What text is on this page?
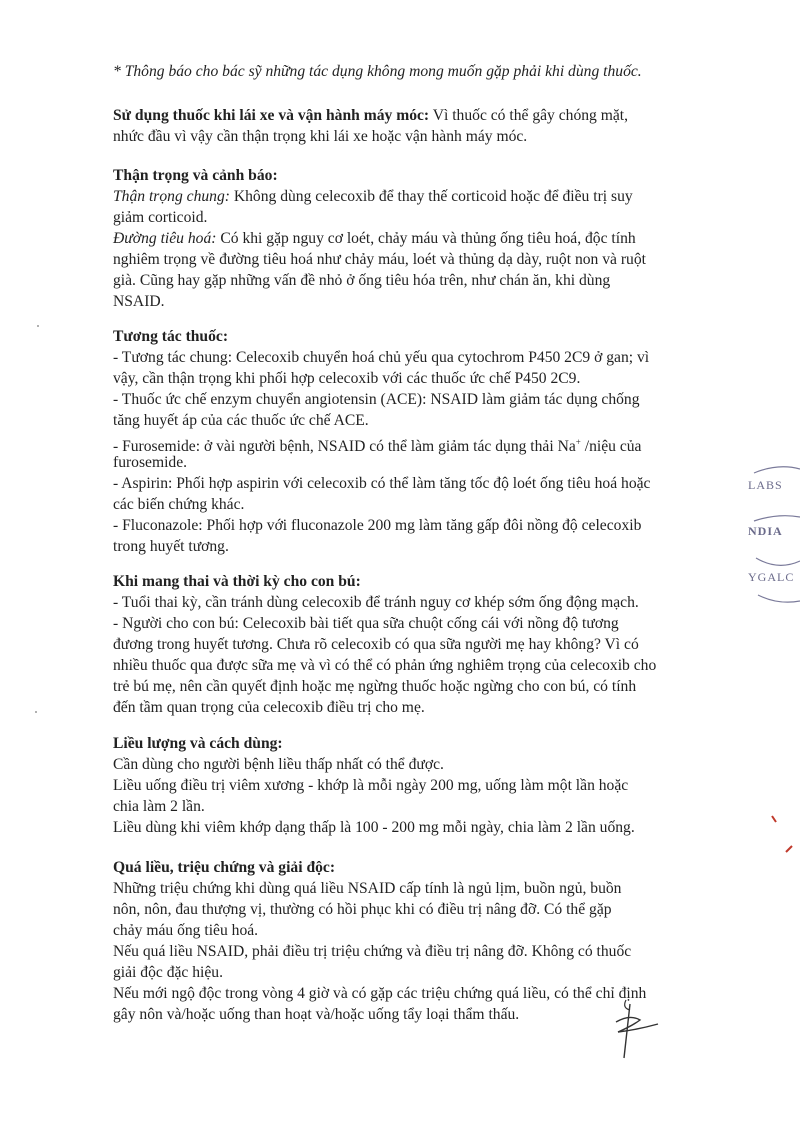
* Thông báo cho bác sỹ những tác dụng không mong muốn gặp phải khi dùng thuốc.
Sử dụng thuốc khi lái xe và vận hành máy móc: Vì thuốc có thể gây chóng mặt,
nhức đầu vì vậy cần thận trọng khi lái xe hoặc vận hành máy móc.
Thận trọng và cảnh báo:
Thận trọng chung: Không dùng celecoxib để thay thế corticoid hoặc để điều trị suy
giảm corticoid.
Đường tiêu hoá: Có khi gặp nguy cơ loét, chảy máu và thủng ống tiêu hoá, độc tính
nghiêm trọng về đường tiêu hoá như chảy máu, loét và thủng dạ dày, ruột non và ruột
già. Cũng hay gặp những vấn đề nhỏ ở ống tiêu hóa trên, như chán ăn, khi dùng
NSAID.
Tương tác thuốc:
- Tương tác chung: Celecoxib chuyển hoá chủ yếu qua cytochrom P450 2C9 ở gan; vì
vậy, cần thận trọng khi phối hợp celecoxib với các thuốc ức chế P450 2C9.
- Thuốc ức chế enzym chuyển angiotensin (ACE): NSAID làm giảm tác dụng chống
tăng huyết áp của các thuốc ức chế ACE.
- Furosemide: ở vài người bệnh, NSAID có thể làm giảm tác dụng thải Na+ /niệu của
furosemide.
- Aspirin: Phối hợp aspirin với celecoxib có thể làm tăng tốc độ loét ống tiêu hoá hoặc
các biến chứng khác.
- Fluconazole: Phối hợp với fluconazole 200 mg làm tăng gấp đôi nồng độ celecoxib
trong huyết tương.
Khi mang thai và thời kỳ cho con bú:
- Tuổi thai kỳ, cần tránh dùng celecoxib để tránh nguy cơ khép sớm ống động mạch.
- Người cho con bú: Celecoxib bài tiết qua sữa chuột cống cái với nồng độ tương
đương trong huyết tương. Chưa rõ celecoxib có qua sữa người mẹ hay không? Vì có
nhiều thuốc qua được sữa mẹ và vì có thể có phản ứng nghiêm trọng của celecoxib cho
trẻ bú mẹ, nên cần quyết định hoặc mẹ ngừng thuốc hoặc ngừng cho con bú, có tính
đến tầm quan trọng của celecoxib điều trị cho mẹ.
Liều lượng và cách dùng:
Cần dùng cho người bệnh liều thấp nhất có thể được.
Liều uống điều trị viêm xương - khớp là mỗi ngày 200 mg, uống làm một lần hoặc
chia làm 2 lần.
Liều dùng khi viêm khớp dạng thấp là 100 - 200 mg mỗi ngày, chia làm 2 lần uống.
Quá liều, triệu chứng và giải độc:
Những triệu chứng khi dùng quá liều NSAID cấp tính là ngủ lịm, buồn ngủ, buồn
nôn, nôn, đau thượng vị, thường có hồi phục khi có điều trị nâng đỡ. Có thể gặp
chảy máu ống tiêu hoá.
Nếu quá liều NSAID, phải điều trị triệu chứng và điều trị nâng đỡ. Không có thuốc
giải độc đặc hiệu.
Nếu mới ngộ độc trong vòng 4 giờ và có gặp các triệu chứng quá liều, có thể chỉ định
gây nôn và/hoặc uống than hoạt và/hoặc uống tẩy loại thẩm thấu.
LABS
NDIA
YGALC
